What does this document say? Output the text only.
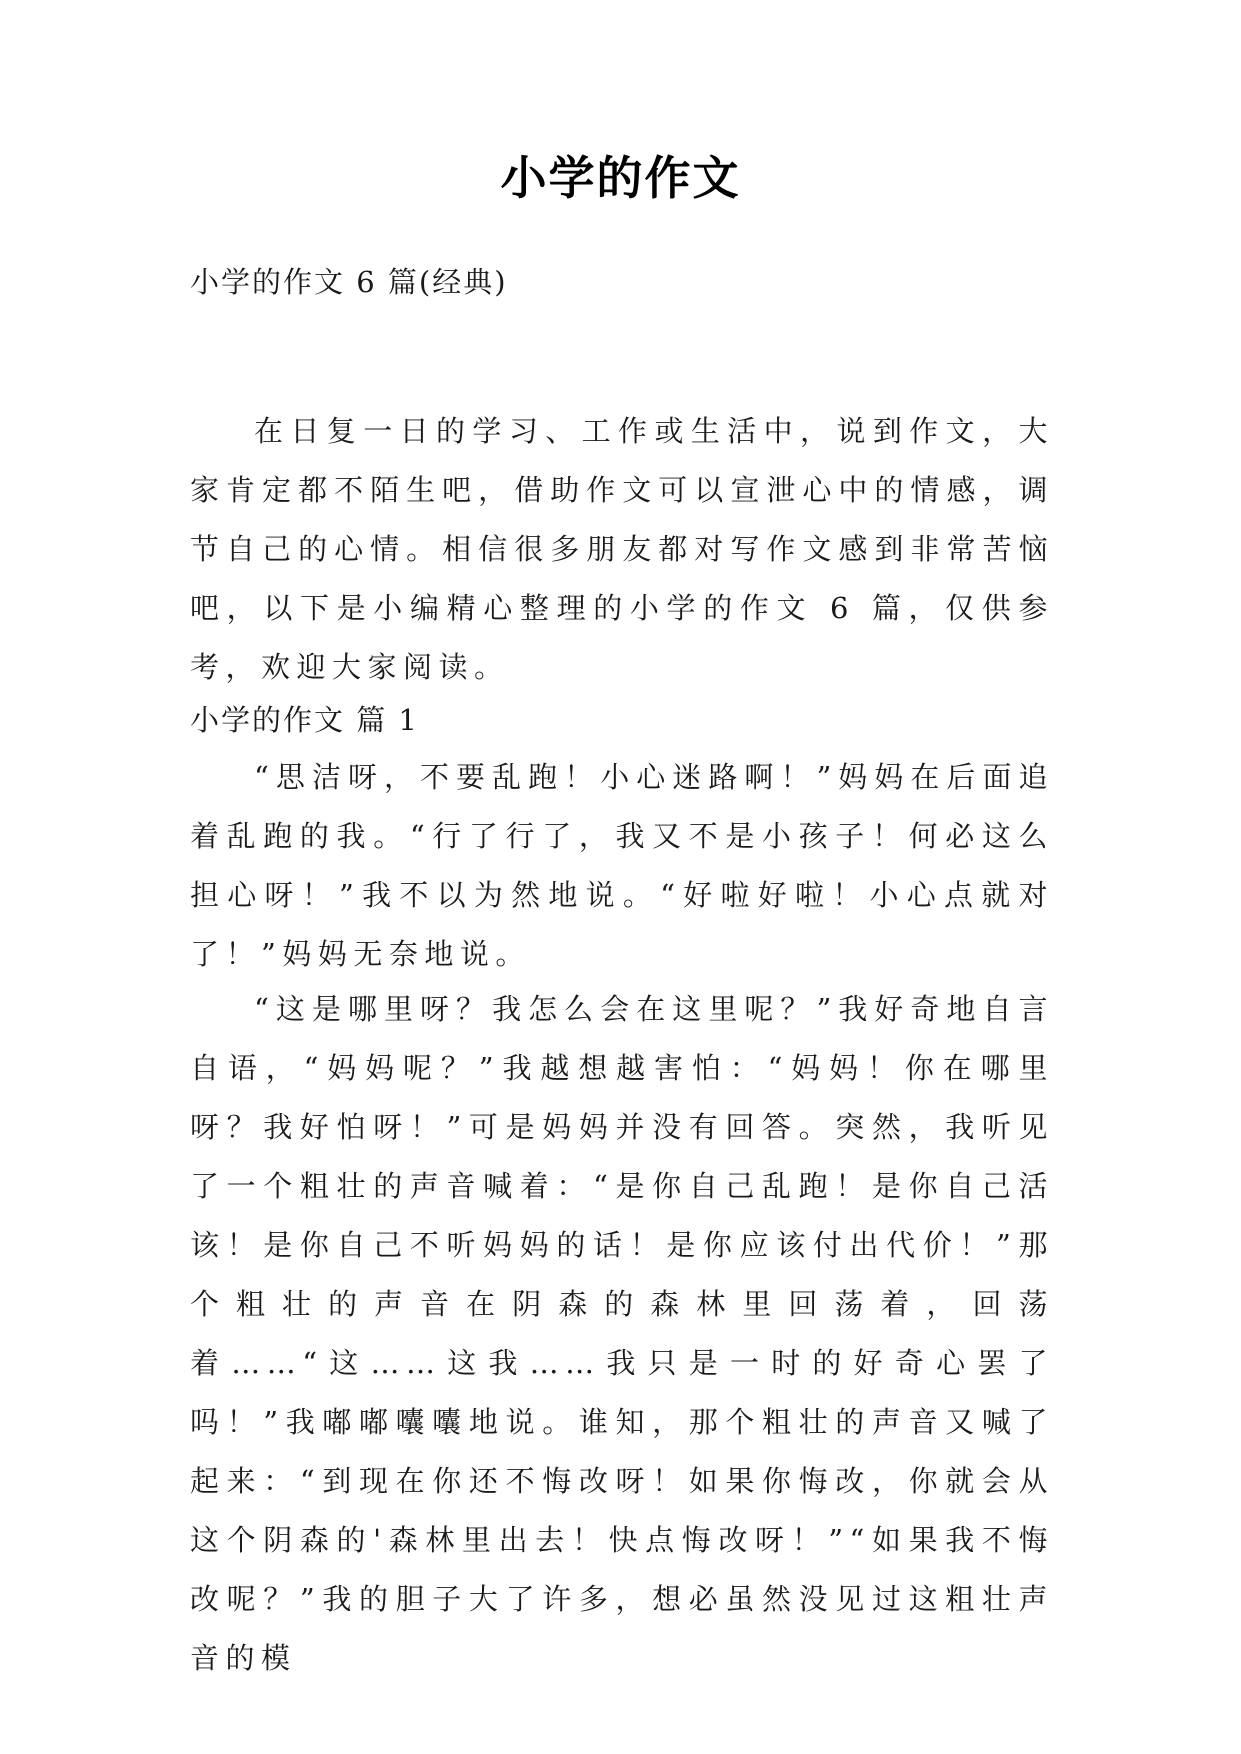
小学的作文
小学的作文 6 篇(经典)
在日复一日的学习、工作或生活中，说到作文，大家肯定都不陌生吧，借助作文可以宣泄心中的情感，调节自己的心情。相信很多朋友都对写作文感到非常苦恼吧，以下是小编精心整理的小学的作文 6 篇，仅供参考，欢迎大家阅读。
小学的作文 篇 1
“思洁呀，不要乱跑！小心迷路啊！”妈妈在后面追着乱跑的我。“行了行了，我又不是小孩子！何必这么担心呀！”我不以为然地说。“好啦好啦！小心点就对了！”妈妈无奈地说。
“这是哪里呀？我怎么会在这里呢？”我好奇地自言自语，“妈妈呢？”我越想越害怕：“妈妈！你在哪里呀？我好怕呀！”可是妈妈并没有回答。突然，我听见了一个粗壮的声音喊着：“是你自己乱跑！是你自己活该！是你自己不听妈妈的话！是你应该付出代价！”那个粗壮的声音在阴森的森林里回荡着，回荡着……“这……这我……我只是一时的好奇心罢了吗！”我嘟嘟囔囔地说。谁知，那个粗壮的声音又喊了起来：“到现在你还不悔改呀！如果你悔改，你就会从这个阴森的'森林里出去！快点悔改呀！”“如果我不悔改呢？”我的胆子大了许多，想必虽然没见过这粗壮声音的模
